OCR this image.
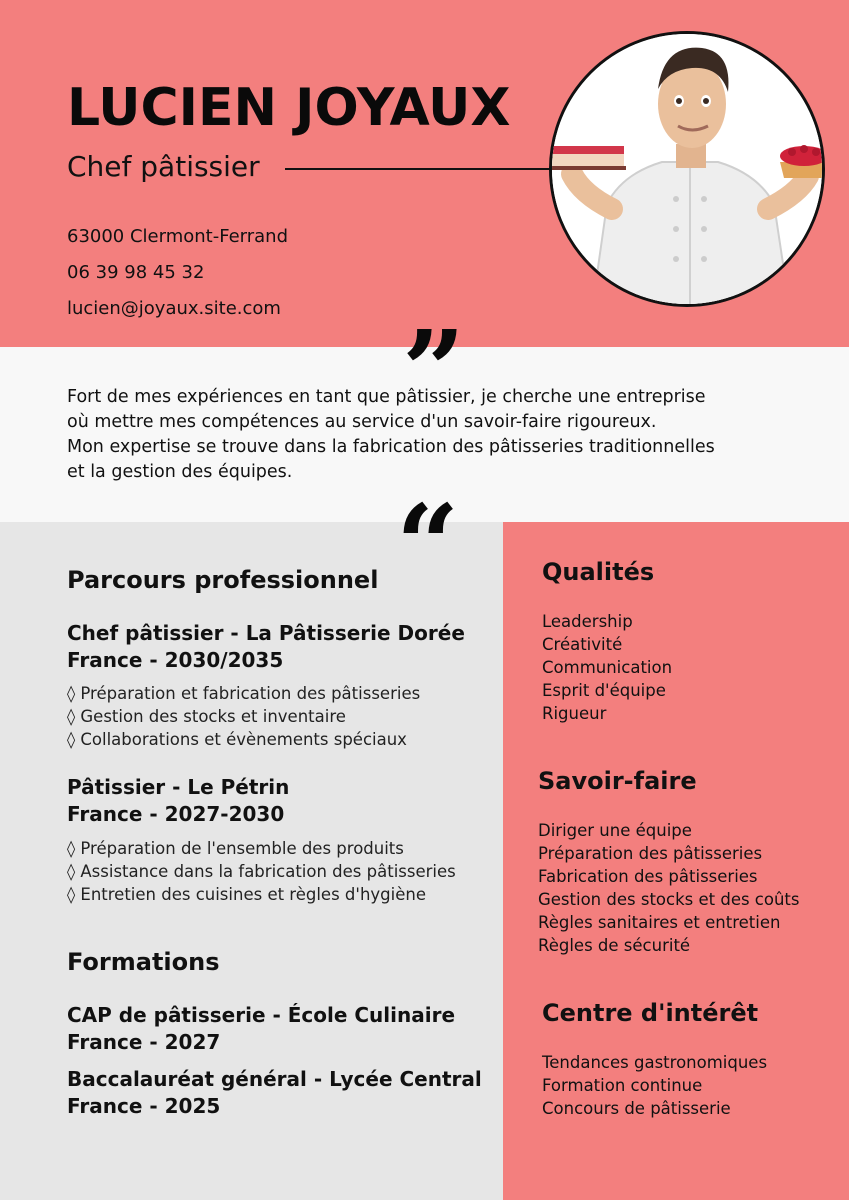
LUCIEN JOYAUX
Chef pâtissier
63000 Clermont-Ferrand
06 39 98 45 32
lucien@joyaux.site.com ”
Fort de mes expériences en tant que pâtissier, je cherche une entreprise
où mettre mes compétences au service d'un savoir-faire rigoureux.
Mon expertise se trouve dans la fabrication des pâtisseries traditionnelles
et la gestion des équipes.
“
Parcours professionnel
Chef pâtissier - La Pâtisserie Dorée
France - 2030/2035
◊ Préparation et fabrication des pâtisseries
◊ Gestion des stocks et inventaire
◊ Collaborations et évènements spéciaux
Pâtissier - Le Pétrin
France - 2027-2030
◊ Préparation de l'ensemble des produits
◊ Assistance dans la fabrication des pâtisseries
◊ Entretien des cuisines et règles d'hygiène
Formations
CAP de pâtisserie - École Culinaire
France - 2027
Baccalauréat général - Lycée Central
France - 2025
Qualités
Leadership
Créativité
Communication
Esprit d'équipe
Rigueur
Savoir-faire
Diriger une équipe
Préparation des pâtisseries
Fabrication des pâtisseries
Gestion des stocks et des coûts
Règles sanitaires et entretien
Règles de sécurité
Centre d'intérêt
Tendances gastronomiques
Formation continue
Concours de pâtisserie
